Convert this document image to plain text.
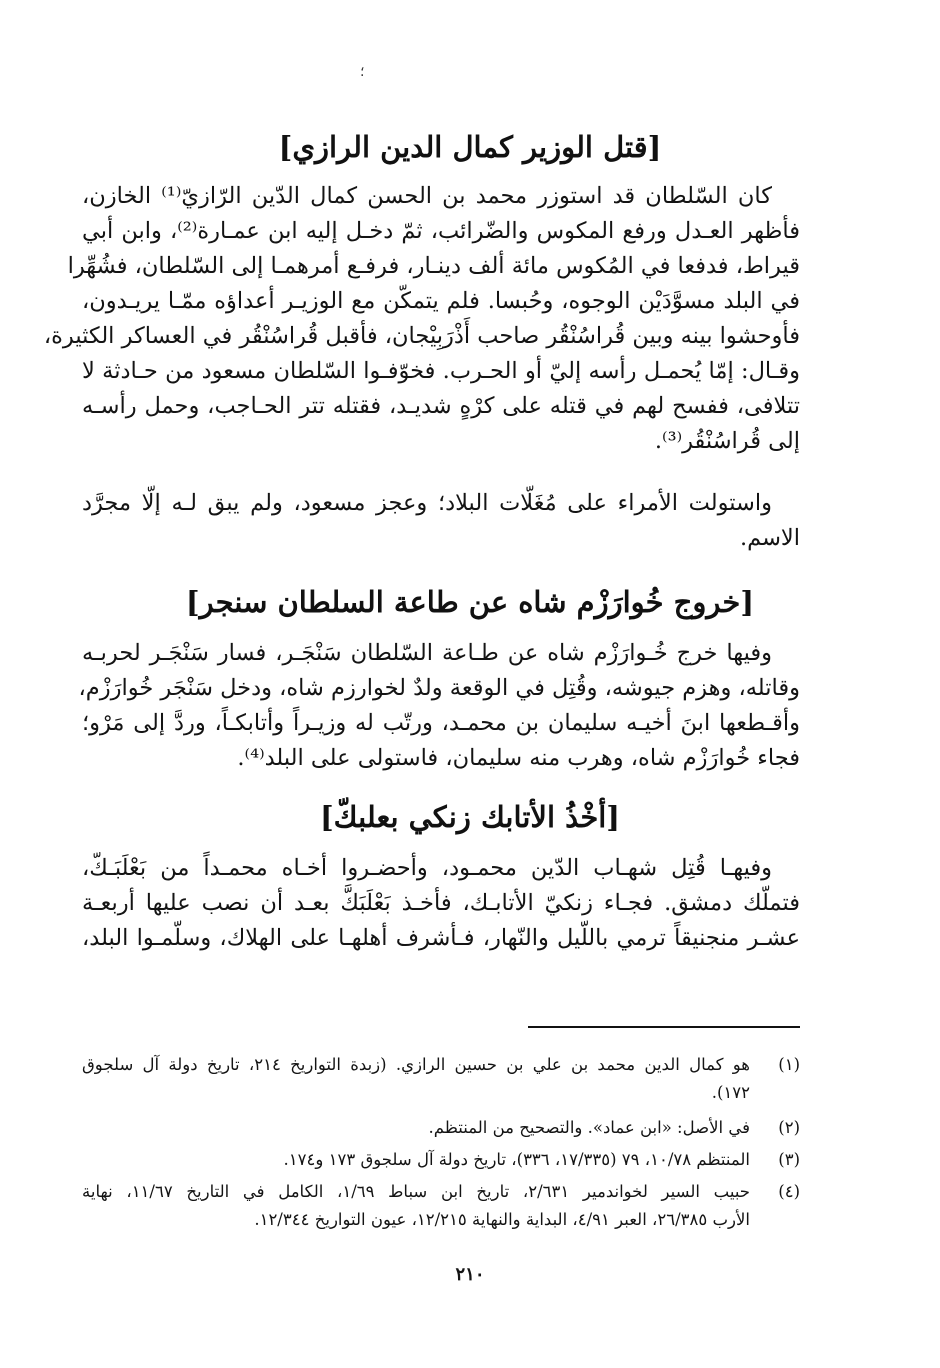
؛
[قتل الوزير كمال الدين الرازي]
كان السّلطان قد استوزر محمد بن الحسن كمال الدّين الرّازيّ⁽¹⁾ الخازن،
فأظهر العـدل ورفع المكوس والضّرائب، ثمّ دخـل إليه ابن عمـارة⁽²⁾، وابن أبي
قيراط، فدفعا في المُكوس مائة ألف دينـار، فرفـع أمرهمـا إلى السّلطان، فشُهِّرا
في البلد مسوَّدَيْن الوجوه، وحُبسا. فلم يتمكّن مع الوزيـر أعداؤه ممّـا يريـدون،
فأوحشوا بينه وبين قُراسُنْقُر صاحب أَذْرَبِيْجان، فأقبل قُراسُنْقُر في العساكر الكثيرة،
وقـال: إمّا يُحمـل رأسه إليّ أو الحـرب. فخوّفـوا السّلطان مسعود من حـادثة لا
تتلافى، ففسح لهم في قتله على كرْهٍ شديـد، فقتله تتر الحـاجب، وحمل رأسـه
إلى قُراسُنْقُر⁽³⁾.
واستولت الأمراء على مُغَلّات البلاد؛ وعجز مسعود، ولم يبق لـه إلّا مجرَّد
الاسم.
[خروج خُوارَزْم شاه عن طاعة السلطان سنجر]
وفيها خرج خُـوارَزْم شاه عن طـاعة السّلطان سَنْجَـر، فسار سَنْجَـر لحربـه
وقاتله، وهزم جيوشه، وقُتِل في الوقعة ولدٌ لخوارزم شاه، ودخل سَنْجَر خُوارَزْم،
وأقـطعها ابنَ أخيـه سليمان بن محمـد، ورتّب له وزيـراً وأتابكـاً، وردَّ إلى مَرْو؛
فجاء خُوارَزْم شاه، وهرب منه سليمان، فاستولى على البلد⁽⁴⁾.
[أخْذُ الأتابك زنكي بعلبكّ]
وفيهـا قُتِل شهـاب الدّين محمـود، وأحضـروا أخـاه محمـداً من بَعْلَبَـكّ،
فتملّك دمشق. فجـاء زنكيّ الأتابـك، فأخـذ بَعْلَبَكَّ بعـد أن نصب عليها أربعـة
عشـر منجنيقاً ترمي باللّيل والنّهار، فـأشرف أهلهـا على الهلاك، وسلّمـوا البلد،
(١)
هو كمال الدين محمد بن علي بن حسين الرازي. (زبدة التواريخ ٢١٤، تاريخ دولة آل سلجوق
١٧٢).
(٢)
في الأصل: «ابن عماد». والتصحيح من المنتظم.
(٣)
المنتظم ١٠/٧٨، ٧٩ (١٧/٣٣٥، ٣٣٦)، تاريخ دولة آل سلجوق ١٧٣ و١٧٤.
(٤)
حبيب السير لخواندمير ٢/٦٣١، تاريخ ابن سباط ١/٦٩، الكامل في التاريخ ١١/٦٧، نهاية
الأرب ٢٦/٣٨٥، العبر ٤/٩١، البداية والنهاية ١٢/٢١٥، عيون التواريخ ١٢/٣٤٤.
٢١٠
